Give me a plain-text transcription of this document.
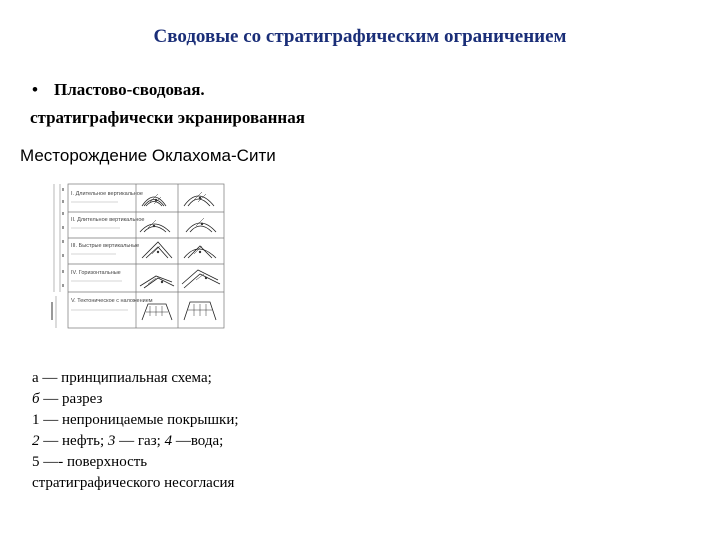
Сводовые со стратиграфическим ограничением
• Пластово-сводовая.
стратиграфически экранированная
Месторождение Оклахома-Сити
I. Длительное вертикальное
II. Длительное вертикальное
III. Быстрые вертикальные
IV. Горизонтальные
V. Тектоническое с наложением
а — принципиальная схема;
б — разрез
1 — непроницаемые покрышки;
2 — нефть; 3 — газ; 4 —вода;
5 —- поверхность
стратиграфического несогласия
